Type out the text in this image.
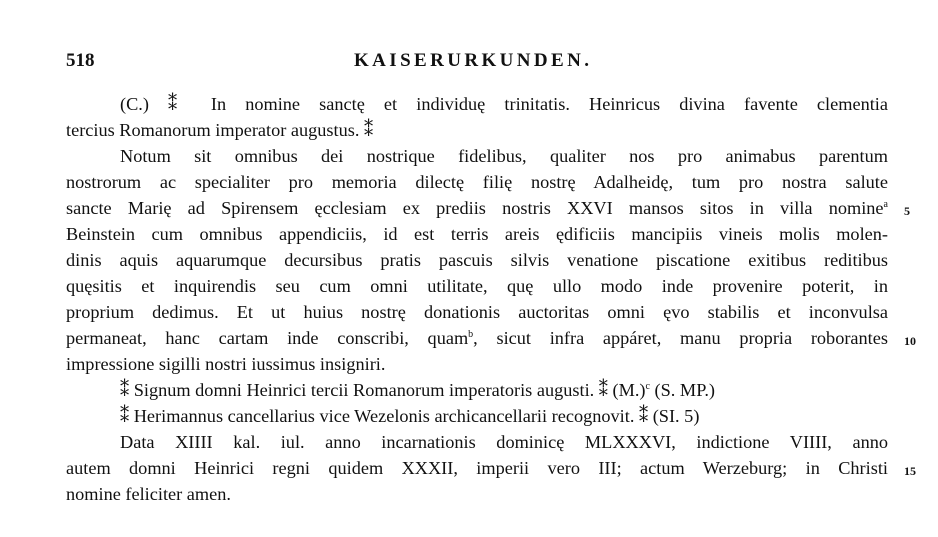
518	KAISERURKUNDEN.
(C.) ⁑ In nomine sanctę et individuę trinitatis. Heinricus divina favente clementia
tercius Romanorum imperator augustus. ⁑
Notum sit omnibus dei nostrique fidelibus, qualiter nos pro animabus parentum
nostrorum ac specialiter pro memoria dilectę filię nostrę Adalheidę, tum pro nostra salute
sancte Marię ad Spirensem ęcclesiam ex prediis nostris XXVI mansos sitos in villa nomine$^a$
Beinstein cum omnibus appendiciis, id est terris areis ędificiis mancipiis vineis molis molen-
dinis aquis aquarumque decursibus pratis pascuis silvis venatione piscatione exitibus reditibus
quęsitis et inquirendis seu cum omni utilitate, quę ullo modo inde provenire poterit, in
proprium dedimus. Et ut huius nostrę donationis auctoritas omni ęvo stabilis et inconvulsa
permaneat, hanc cartam inde conscribi, quam$^b$, sicut infra appáret, manu propria roborantes
impressione sigilli nostri iussimus insigniri.
⁑ Signum domni Heinrici tercii Romanorum imperatoris augusti. ⁑ $(M.)^c$ (S. MP.)
⁑ Herimannus cancellarius vice Wezelonis archicancellarii recognovit. ⁑ (SI. 5)
Data XIIII kal. iul. anno incarnationis dominicę MLXXXVI, indictione VIIII, anno
autem domni Heinrici regni quidem XXXII, imperii vero III; actum Werzeburg; in Christi
nomine feliciter amen.
5
10
15
